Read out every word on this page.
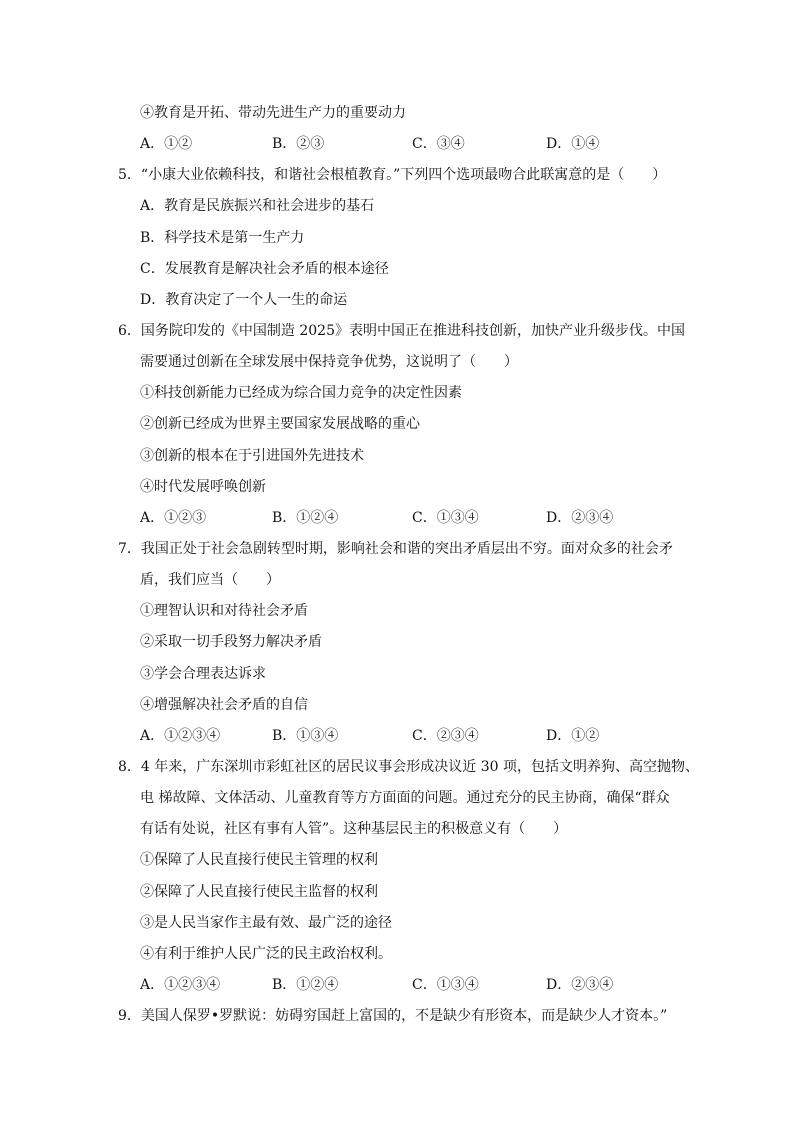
④教育是开拓、带动先进生产力的重要动力
A．①②	B．②③	C．③④	D．①④
5．“小康大业依赖科技，和谐社会根植教育。”下列四个选项最吻合此联寓意的是（　　）
A．教育是民族振兴和社会进步的基石
B．科学技术是第一生产力
C．发展教育是解决社会矛盾的根本途径
D．教育决定了一个人一生的命运
6．国务院印发的《中国制造 2025》表明中国正在推进科技创新，加快产业升级步伐。中国
需要通过创新在全球发展中保持竞争优势，这说明了（　　）
①科技创新能力已经成为综合国力竞争的决定性因素
②创新已经成为世界主要国家发展战略的重心
③创新的根本在于引进国外先进技术
④时代发展呼唤创新
A．①②③	B．①②④	C．①③④	D．②③④
7．我国正处于社会急剧转型时期，影响社会和谐的突出矛盾层出不穷。面对众多的社会矛
盾，我们应当（　　）
①理智认识和对待社会矛盾
②采取一切手段努力解决矛盾
③学会合理表达诉求
④增强解决社会矛盾的自信
A．①②③④	B．①③④	C．②③④	D．①②
8．4 年来，广东深圳市彩虹社区的居民议事会形成决议近 30 项，包括文明养狗、高空抛物、
电 梯故障、文体活动、儿童教育等方方面面的问题。通过充分的民主协商，确保“群众
有话有处说，社区有事有人管”。这种基层民主的积极意义有（　　）
①保障了人民直接行使民主管理的权利
②保障了人民直接行使民主监督的权利
③是人民当家作主最有效、最广泛的途径
④有利于维护人民广泛的民主政治权利。
A．①②③④	B．①②④	C．①③④	D．②③④
9．美国人保罗•罗默说：妨碍穷国赶上富国的，不是缺少有形资本，而是缺少人才资本。”
